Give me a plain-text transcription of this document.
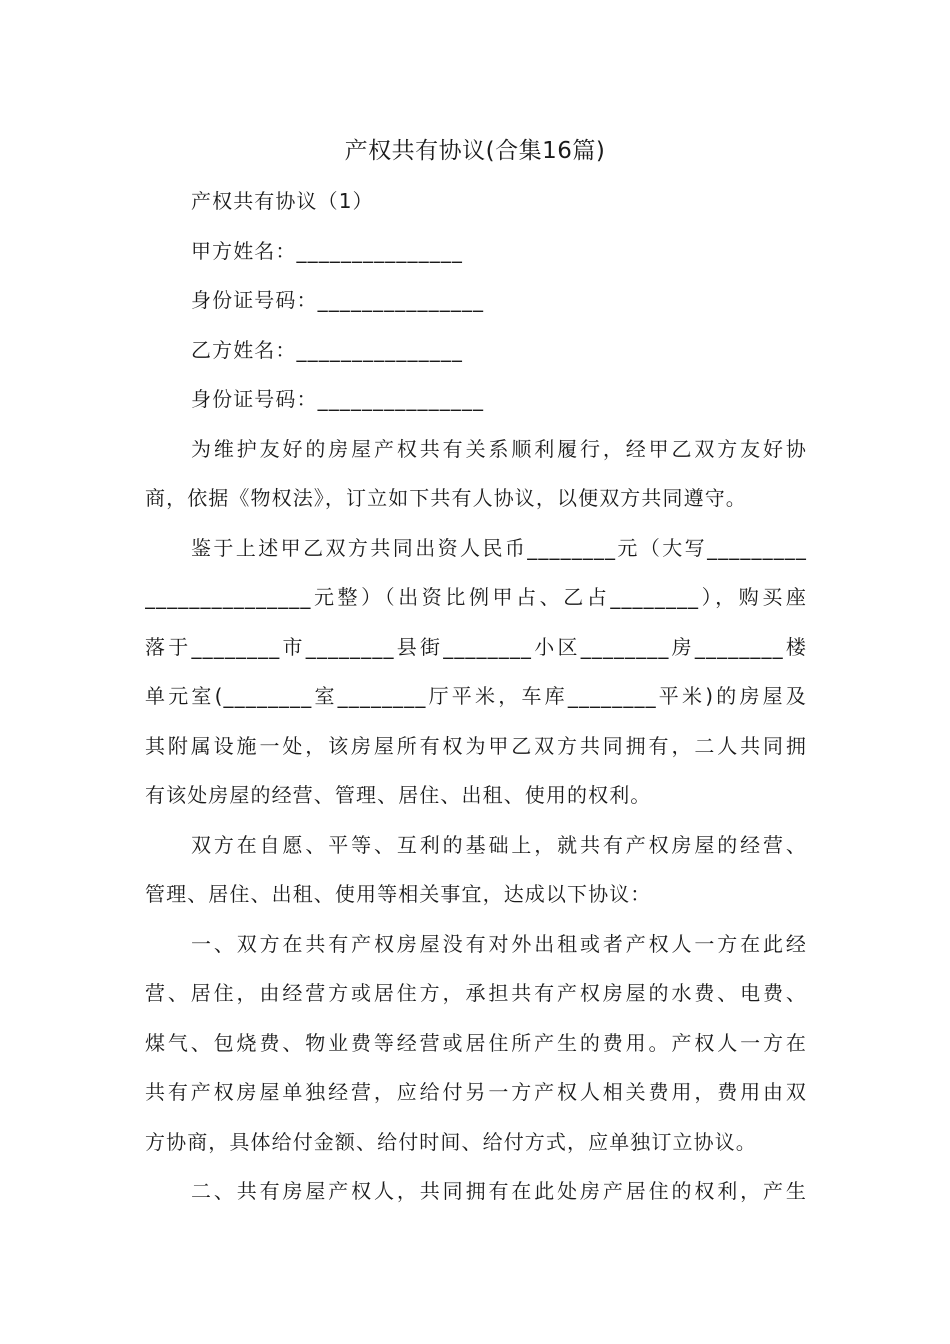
产权共有协议(合集16篇)
产权共有协议（1）
甲方姓名：_______________
身份证号码：_______________
乙方姓名：_______________
身份证号码：_______________
为维护友好的房屋产权共有关系顺利履行，经甲乙双方友好协
商，依据《物权法》，订立如下共有人协议，以便双方共同遵守。
鉴于上述甲乙双方共同出资人民币________元（大写_________
_______________元整）（出资比例甲占、乙占________），购买座
落于________市________县街________小区________房________楼
单元室(________室________厅平米，车库________平米)的房屋及
其附属设施一处，该房屋所有权为甲乙双方共同拥有，二人共同拥
有该处房屋的经营、管理、居住、出租、使用的权利。
双方在自愿、平等、互利的基础上，就共有产权房屋的经营、
管理、居住、出租、使用等相关事宜，达成以下协议：
一、双方在共有产权房屋没有对外出租或者产权人一方在此经
营、居住，由经营方或居住方，承担共有产权房屋的水费、电费、
煤气、包烧费、物业费等经营或居住所产生的费用。产权人一方在
共有产权房屋单独经营，应给付另一方产权人相关费用，费用由双
方协商，具体给付金额、给付时间、给付方式，应单独订立协议。
二、共有房屋产权人，共同拥有在此处房产居住的权利，产生
